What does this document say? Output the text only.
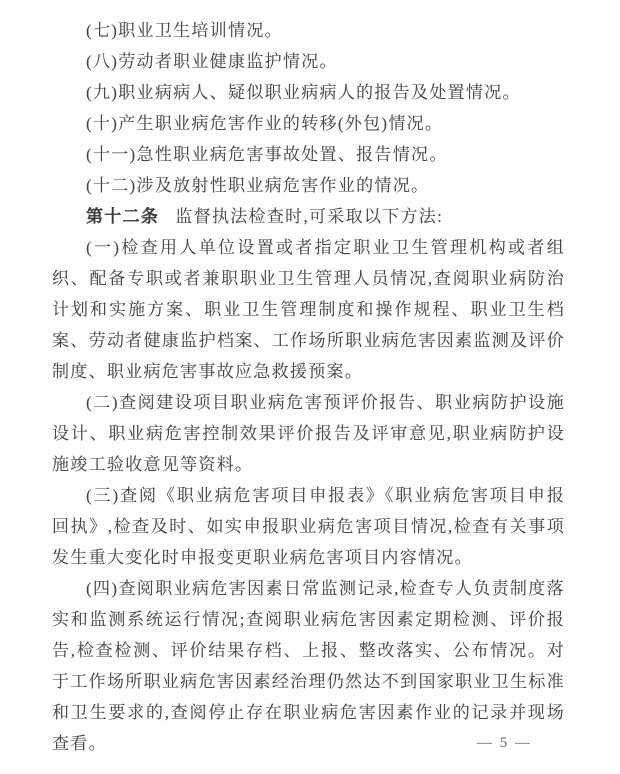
(七)职业卫生培训情况。

(八)劳动者职业健康监护情况。

(九)职业病病人、疑似职业病病人的报告及处置情况。

(十)产生职业病危害作业的转移(外包)情况。

(十一)急性职业病危害事故处置、报告情况。

(十二)涉及放射性职业病危害作业的情况。

第十二条 监督执法检查时,可采取以下方法:

(一)检查用人单位设置或者指定职业卫生管理机构或者组织、配备专职或者兼职职业卫生管理人员情况,查阅职业病防治计划和实施方案、职业卫生管理制度和操作规程、职业卫生档案、劳动者健康监护档案、工作场所职业病危害因素监测及评价制度、职业病危害事故应急救援预案。

(二)查阅建设项目职业病危害预评价报告、职业病防护设施设计、职业病危害控制效果评价报告及评审意见,职业病防护设施竣工验收意见等资料。

(三)查阅《职业病危害项目申报表》《职业病危害项目申报回执》,检查及时、如实申报职业病危害项目情况,检查有关事项发生重大变化时申报变更职业病危害项目内容情况。

(四)查阅职业病危害因素日常监测记录,检查专人负责制度落实和监测系统运行情况;查阅职业病危害因素定期检测、评价报告,检查检测、评价结果存档、上报、整改落实、公布情况。对于工作场所职业病危害因素经治理仍然达不到国家职业卫生标准和卫生要求的,查阅停止存在职业病危害因素作业的记录并现场查看。	— 5 —
